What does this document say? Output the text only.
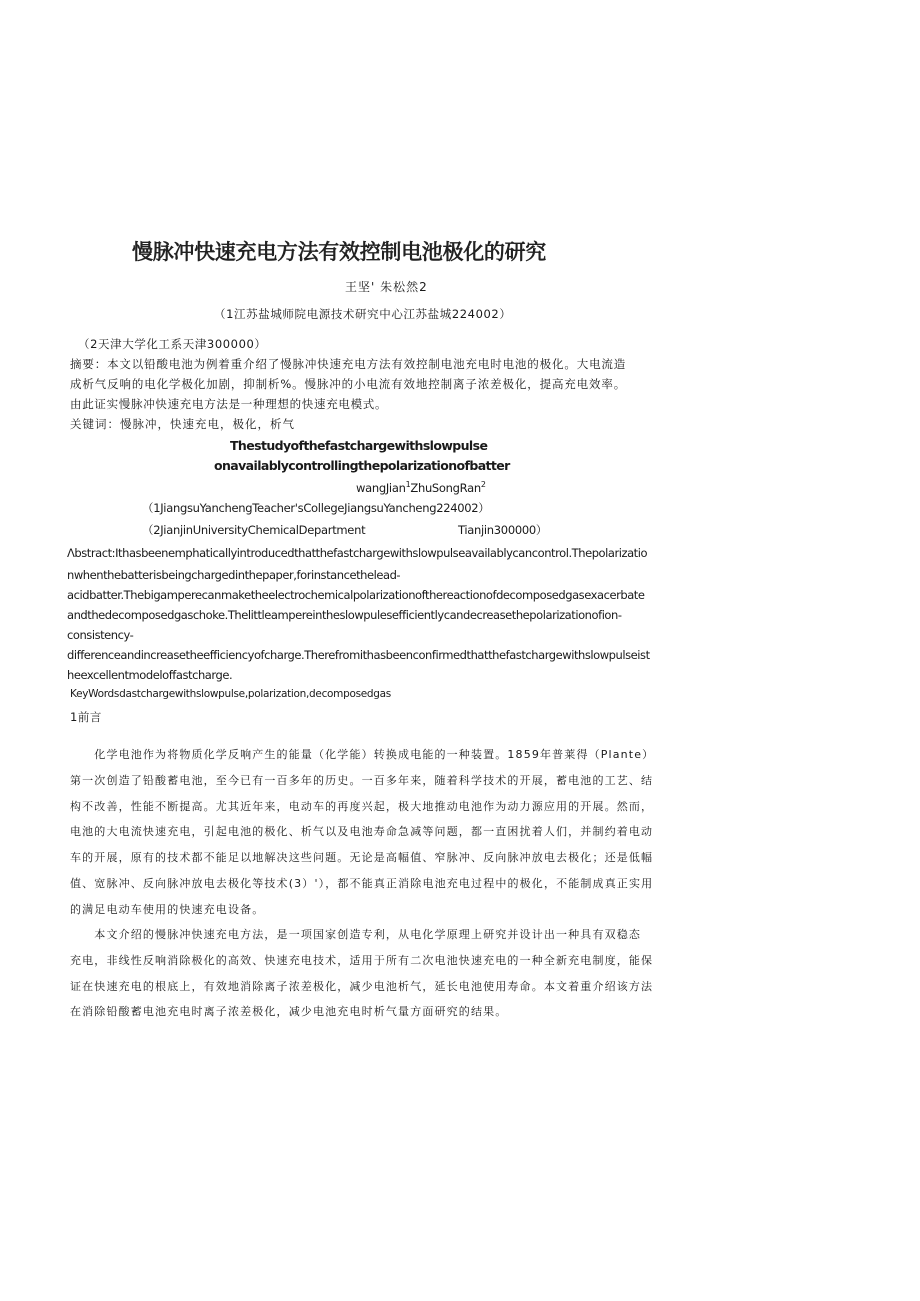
慢脉冲快速充电方法有效控制电池极化的研究
王坚' 朱松然2
（1江苏盐城师院电源技术研究中心江苏盐城224002）
（2天津大学化工系天津300000）
摘要：本文以铅酸电池为例着重介绍了慢脉冲快速充电方法有效控制电池充电时电池的极化。大电流造成析气反响的电化学极化加剧，抑制析%。慢脉冲的小电流有效地控制离子浓差极化，提高充电效率。由此证实慢脉冲快速充电方法是一种理想的快速充电模式。
关键词：慢脉冲，快速充电，极化，析气
Thestudyofthefastchargewithslowpulse
onavailablycontrollingthepolarizationofbatter
wangJian$^1$ZhuSongRan$^2$
（1JiangsuYanchengTeacher'sCollegeJiangsuYancheng224002）
（2JianjinUniversityChemicalDepartment	Tianjin300000）
Λbstract:Ithasbeenemphaticallyintroducedthatthefastchargewithslowpulseavailablycancontrol.Thepolarizatio
nwhenthebatterisbeingchargedinthepaper,forinstancethelead-
acidbatter.Thebigamperecanmaketheelectrochemicalpolarizationofthereactionofdecomposedgasexacerbate
andthedecomposedgaschoke.Thelittleampereintheslowpulesefficientlycandecreasethepolarizationofion-
consistency-
differenceandincreasetheefficiencyofcharge.Therefromithasbeenconfirmedthatthefastchargewithslowpulseist
heexcellentmodeloffastcharge.
KeyWordsdastchargewithslowpulse,polarization,decomposedgas
1前言
　　化学电池作为将物质化学反响产生的能量（化学能）转换成电能的一种装置。1859年普莱得（Plante）
第一次创造了铅酸蓄电池，至今已有一百多年的历史。一百多年来，随着科学技术的开展，蓄电池的工艺、结
构不改善，性能不断提高。尤其近年来，电动车的再度兴起，极大地推动电池作为动力源应用的开展。然而，
电池的大电流快速充电，引起电池的极化、析气以及电池寿命急减等问题，都一直困扰着人们，并制约着电动
车的开展，原有的技术都不能足以地解决这些问题。无论是高幅值、窄脉冲、反向脉冲放电去极化；还是低幅
值、宽脉冲、反向脉冲放电去极化等技术(3）'），都不能真正消除电池充电过程中的极化，不能制成真正实用
的满足电动车使用的快速充电设备。
　　本文介绍的慢脉冲快速充电方法，是一项国家创造专利，从电化学原理上研究并设计出一种具有双稳态
充电，非线性反响消除极化的高效、快速充电技术，适用于所有二次电池快速充电的一种全新充电制度，能保
证在快速充电的根底上，有效地消除离子浓差极化，减少电池析气，延长电池使用寿命。本文着重介绍该方法
在消除铅酸蓄电池充电时离子浓差极化，减少电池充电时析气量方面研究的结果。
